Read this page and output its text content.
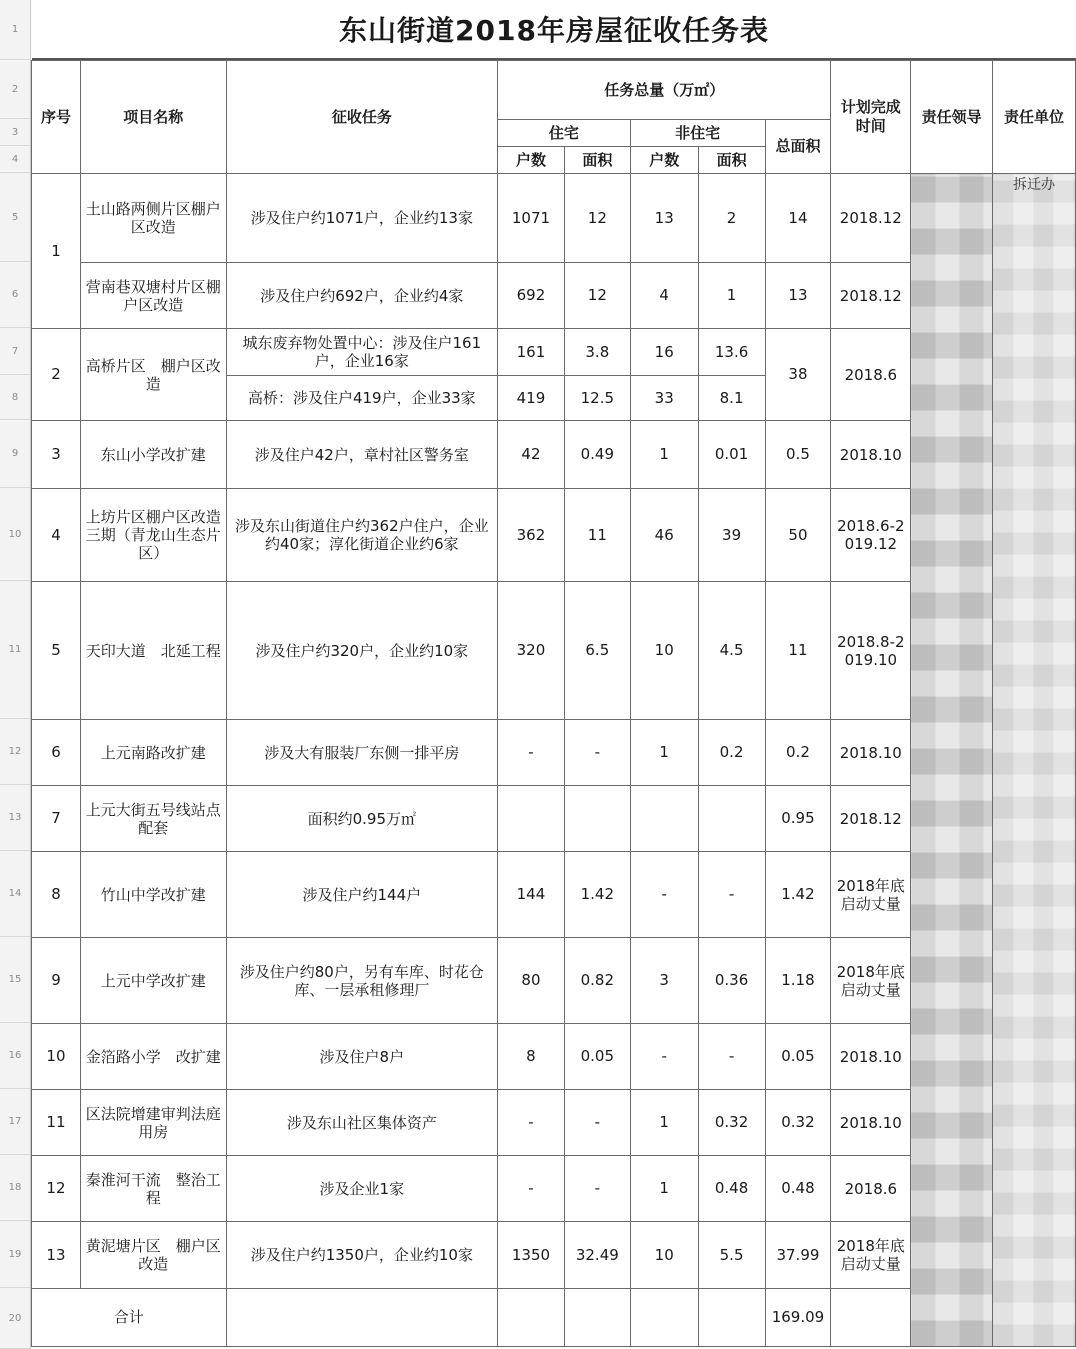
1
2
3
4
5
6
7
8
9
10
11
12
13
14
15
16
17
18
19
20
东山街道2018年房屋征收任务表
序号	项目名称	征收任务	任务总量（万㎡）					计划完成时间	责任领导	责任单位
			住宅		非住宅		总面积			
			户数	面积	户数	面积				
1	土山路两侧片区棚户区改造	涉及住户约1071户，企业约13家	1071	12	13	2	14	2018.12		拆迁办

	营南巷双塘村片区棚户区改造	涉及住户约692户，企业约4家	692	12	4	1	13	2018.12		
2	高桥片区　棚户区改造	城东废弃物处置中心：涉及住户161户，企业16家	161	3.8	16	13.6	38	2018.6		
		高桥：涉及住户419户，企业33家	419	12.5	33	8.1				
3	东山小学改扩建	涉及住户42户，章村社区警务室	42	0.49	1	0.01	0.5	2018.10		
4	上坊片区棚户区改造三期（青龙山生态片区）	涉及东山街道住户约362户住户，企业约40家；淳化街道企业约6家	362	11	46	39	50	2018.6-2019.12		
5	天印大道　北延工程	涉及住户约320户，企业约10家	320	6.5	10	4.5	11	2018.8-2019.10		
6	上元南路改扩建	涉及大有服装厂东侧一排平房	-	-	1	0.2	0.2	2018.10		
7	上元大街五号线站点配套	面积约0.95万㎡					0.95	2018.12		
8	竹山中学改扩建	涉及住户约144户	144	1.42	-	-	1.42	2018年底启动丈量		
9	上元中学改扩建	涉及住户约80户，另有车库、时花仓库、一层承租修理厂	80	0.82	3	0.36	1.18	2018年底启动丈量		
10	金箔路小学　改扩建	涉及住户8户	8	0.05	-	-	0.05	2018.10		
11	区法院增建审判法庭用房	涉及东山社区集体资产	-	-	1	0.32	0.32	2018.10		
12	秦淮河干流　整治工程	涉及企业1家	-	-	1	0.48	0.48	2018.6		
13	黄泥塘片区　棚户区改造	涉及住户约1350户，企业约10家	1350	32.49	10	5.5	37.99	2018年底启动丈量		
合计							169.09			
